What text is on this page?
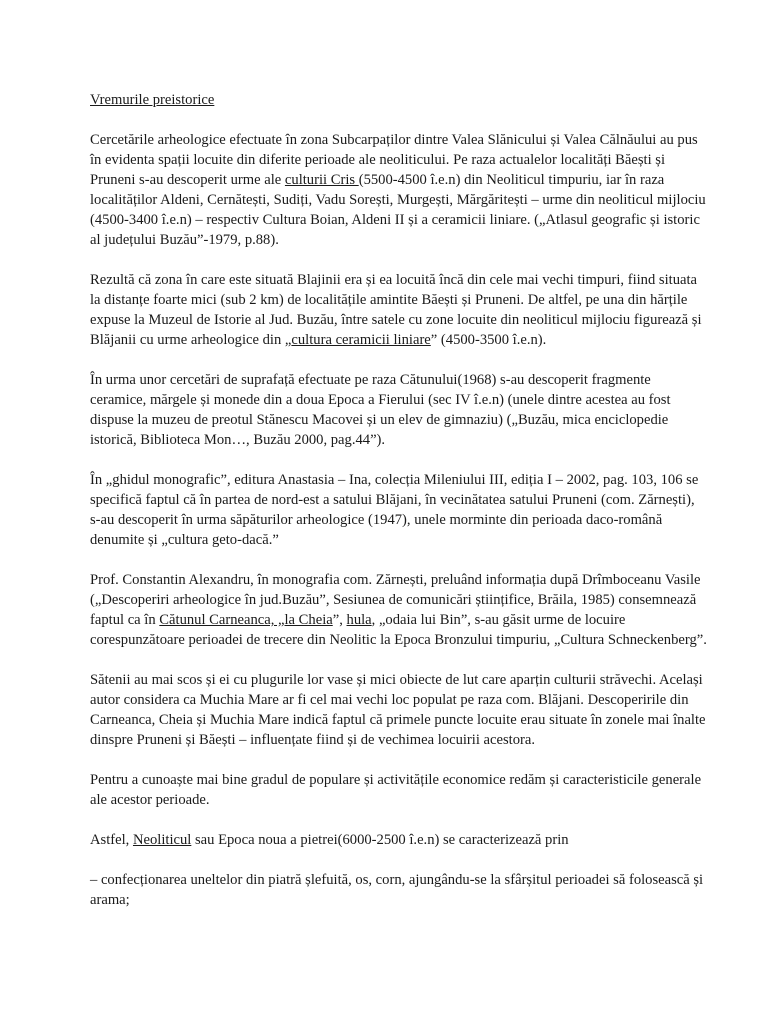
Vremurile preistorice

Cercetările arheologice efectuate în zona Subcarpaților dintre Valea Slănicului și Valea Călnăului au pus în evidenta spații locuite din diferite perioade ale neoliticului. Pe raza actualelor localități Băești și Pruneni s-au descoperit urme ale culturii Cris (5500-4500 î.e.n) din Neoliticul timpuriu, iar în raza localităților Aldeni, Cernătești, Sudiți, Vadu Sorești, Murgești, Mărgăritești – urme din neoliticul mijlociu (4500-3400 î.e.n) – respectiv Cultura Boian, Aldeni II și a ceramicii liniare. („Atlasul geografic și istoric al județului Buzău”-1979, p.88).

Rezultă că zona în care este situată Blajinii era și ea locuită încă din cele mai vechi timpuri, fiind situata la distanțe foarte mici (sub 2 km) de localitățile amintite Băești și Pruneni. De altfel, pe una din hărțile expuse la Muzeul de Istorie al Jud. Buzău, între satele cu zone locuite din neoliticul mijlociu figurează și Blăjanii cu urme arheologice din „cultura ceramicii liniare” (4500-3500 î.e.n).

În urma unor cercetări de suprafață efectuate pe raza Cătunului(1968) s-au descoperit fragmente ceramice, mărgele și monede din a doua Epoca a Fierului (sec IV î.e.n) (unele dintre acestea au fost dispuse la muzeu de preotul Stănescu Macovei și un elev de gimnaziu) („Buzău, mica enciclopedie istorică, Biblioteca Mon…, Buzău 2000, pag.44”).

În „ghidul monografic”, editura Anastasia – Ina, colecția Mileniului III, ediția I – 2002, pag. 103, 106 se specifică faptul că în partea de nord-est a satului Blăjani, în vecinătatea satului Pruneni (com. Zărnești), s-au descoperit în urma săpăturilor arheologice (1947), unele morminte din perioada daco-română denumite și „cultura geto-dacă.”

Prof. Constantin Alexandru, în monografia com. Zărnești, preluând informația după Drîmboceanu Vasile („Descoperiri arheologice în jud.Buzău”, Sesiunea de comunicări științifice, Brăila, 1985) consemnează faptul ca în Cătunul Carneanca, „la Cheia”, hula, „odaia lui Bin”, s-au găsit urme de locuire corespunzătoare perioadei de trecere din Neolitic la Epoca Bronzului timpuriu, „Cultura Schneckenberg”.

Sătenii au mai scos și ei cu plugurile lor vase și mici obiecte de lut care aparțin culturii străvechi. Același autor considera ca Muchia Mare ar fi cel mai vechi loc populat pe raza com. Blăjani. Descoperirile din Carneanca, Cheia și Muchia Mare indică faptul că primele puncte locuite erau situate în zonele mai înalte dinspre Pruneni și Băești – influențate fiind și de vechimea locuirii acestora.

Pentru a cunoaște mai bine gradul de populare și activitățile economice redăm și caracteristicile generale ale acestor perioade.

Astfel, Neoliticul sau Epoca noua a pietrei(6000-2500 î.e.n) se caracterizează prin

– confecționarea uneltelor din piatră șlefuită, os, corn, ajungându-se la sfârșitul perioadei să folosească și arama;
